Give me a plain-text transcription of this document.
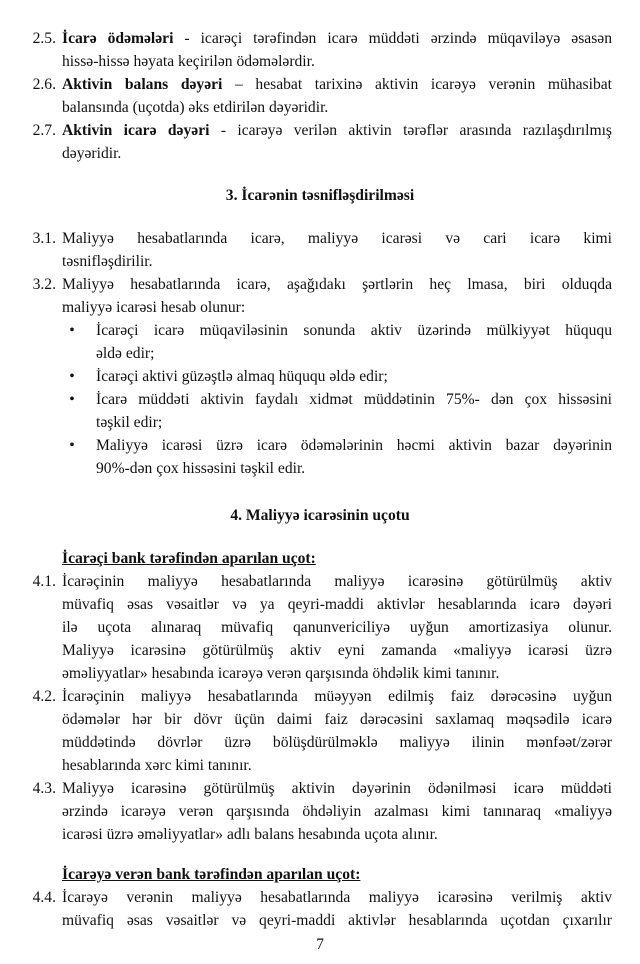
2.5. İcarə ödəmələri - icarəçi tərəfindən icarə müddəti ərzində müqaviləyə əsasən
hissə-hissə həyata keçirilən ödəmələrdir.
2.6. Aktivin balans dəyəri – hesabat tarixinə aktivin icarəyə verənin mühasibat
balansında (uçotda) əks etdirilən dəyəridir.
2.7. Aktivin icarə dəyəri - icarəyə verilən aktivin tərəflər arasında razılaşdırılmış
dəyəridir.
3. İcarənin təsnifləşdirilməsi
3.1. Maliyyə hesabatlarında icarə, maliyyə icarəsi və cari icarə kimi
təsnifləşdirilir.
3.2. Maliyyə hesabatlarında icarə, aşağıdakı şərtlərin heç lmasa, biri olduqda
maliyyə icarəsi hesab olunur:
• İcarəçi icarə müqaviləsinin sonunda aktiv üzərində mülkiyyət hüququ
əldə edir;
• İcarəçi aktivi güzəştlə almaq hüququ əldə edir;
• İcarə müddəti aktivin faydalı xidmət müddətinin 75%- dən çox hissəsini
təşkil edir;
• Maliyyə icarəsi üzrə icarə ödəmələrinin həcmi aktivin bazar dəyərinin
90%-dən çox hissəsini təşkil edir.
4. Maliyyə icarəsinin uçotu
İcarəçi bank tərəfindən aparılan uçot:
4.1. İcarəçinin maliyyə hesabatlarında maliyyə icarəsinə götürülmüş aktiv
müvafiq əsas vəsaitlər və ya qeyri-maddi aktivlər hesablarında icarə dəyəri
ilə uçota alınaraq müvafiq qanunvericiliyə uyğun amortizasiya olunur.
Maliyyə icarəsinə götürülmüş aktiv eyni zamanda «maliyyə icarəsi üzrə
əməliyyatlar» hesabında icarəyə verən qarşısında öhdəlik kimi tanınır.
4.2. İcarəçinin maliyyə hesabatlarında müəyyən edilmiş faiz dərəcəsinə uyğun
ödəmələr hər bir dövr üçün daimi faiz dərəcəsini saxlamaq məqsədilə icarə
müddətində dövrlər üzrə bölüşdürülməklə maliyyə ilinin mənfəət/zərər
hesablarında xərc kimi tanınır.
4.3. Maliyyə icarəsinə götürülmüş aktivin dəyərinin ödənilməsi icarə müddəti
ərzində icarəyə verən qarşısında öhdəliyin azalması kimi tanınaraq «maliyyə
icarəsi üzrə əməliyyatlar» adlı balans hesabında uçota alınır.
İcarəyə verən bank tərəfindən aparılan uçot:
4.4. İcarəyə verənin maliyyə hesabatlarında maliyyə icarəsinə verilmiş aktiv
müvafiq əsas vəsaitlər və qeyri-maddi aktivlər hesablarında uçotdan çıxarılır
7
